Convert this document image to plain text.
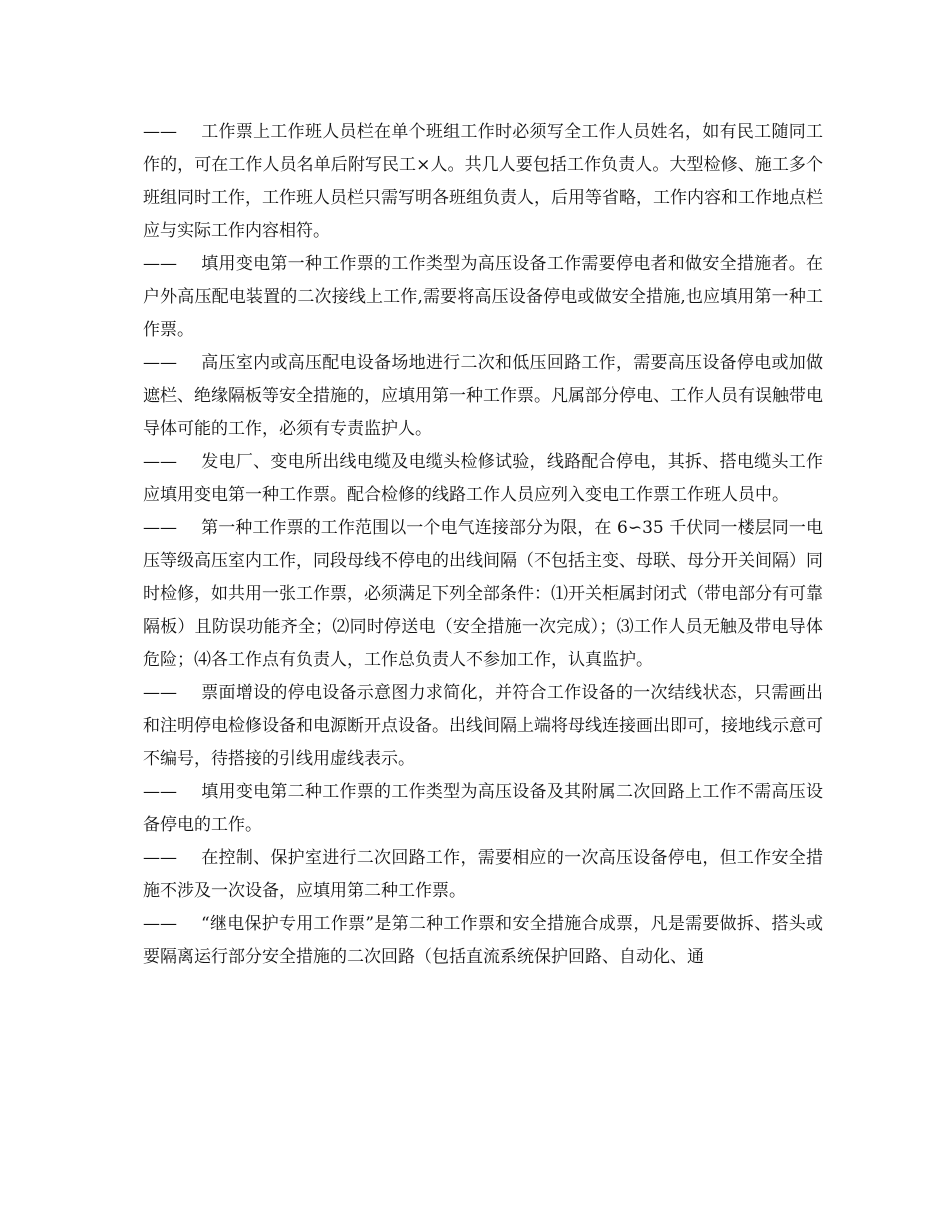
—— 工作票上工作班人员栏在单个班组工作时必须写全工作人员姓名，如有民工随同工作的，可在工作人员名单后附写民工×人。共几人要包括工作负责人。大型检修、施工多个班组同时工作，工作班人员栏只需写明各班组负责人，后用等省略，工作内容和工作地点栏应与实际工作内容相符。

—— 填用变电第一种工作票的工作类型为高压设备工作需要停电者和做安全措施者。在户外高压配电装置的二次接线上工作,需要将高压设备停电或做安全措施,也应填用第一种工作票。

—— 高压室内或高压配电设备场地进行二次和低压回路工作，需要高压设备停电或加做遮栏、绝缘隔板等安全措施的，应填用第一种工作票。凡属部分停电、工作人员有误触带电导体可能的工作，必须有专责监护人。

—— 发电厂、变电所出线电缆及电缆头检修试验，线路配合停电，其拆、搭电缆头工作应填用变电第一种工作票。配合检修的线路工作人员应列入变电工作票工作班人员中。

—— 第一种工作票的工作范围以一个电气连接部分为限，在 6∽35 千伏同一楼层同一电压等级高压室内工作，同段母线不停电的出线间隔（不包括主变、母联、母分开关间隔）同时检修，如共用一张工作票，必须满足下列全部条件：⑴开关柜属封闭式（带电部分有可靠隔板）且防误功能齐全；⑵同时停送电（安全措施一次完成）；⑶工作人员无触及带电导体危险；⑷各工作点有负责人，工作总负责人不参加工作，认真监护。

—— 票面增设的停电设备示意图力求简化，并符合工作设备的一次结线状态，只需画出和注明停电检修设备和电源断开点设备。出线间隔上端将母线连接画出即可，接地线示意可不编号，待搭接的引线用虚线表示。

—— 填用变电第二种工作票的工作类型为高压设备及其附属二次回路上工作不需高压设备停电的工作。

—— 在控制、保护室进行二次回路工作，需要相应的一次高压设备停电，但工作安全措施不涉及一次设备，应填用第二种工作票。

—— “继电保护专用工作票”是第二种工作票和安全措施合成票，凡是需要做拆、搭头或要隔离运行部分安全措施的二次回路（包括直流系统保护回路、自动化、通
